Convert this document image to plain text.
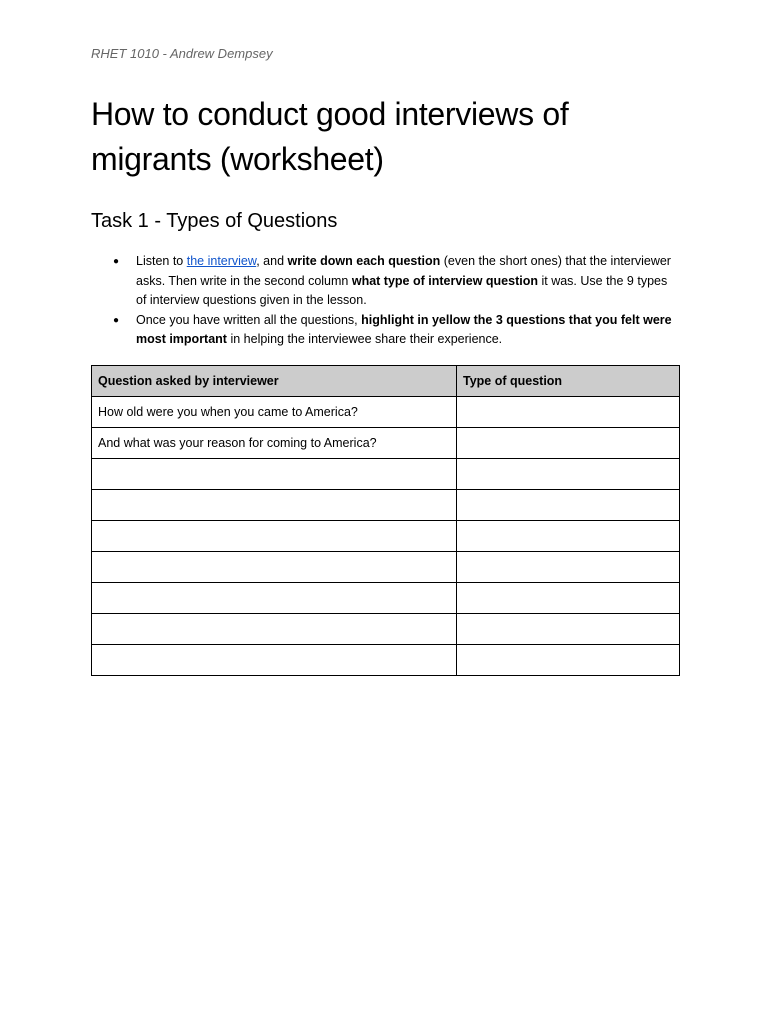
RHET 1010 - Andrew Dempsey
How to conduct good interviews of migrants (worksheet)
Task 1 - Types of Questions
● Listen to the interview, and write down each question (even the short ones) that the interviewer asks. Then write in the second column what type of interview question it was. Use the 9 types of interview questions given in the lesson.
● Once you have written all the questions, highlight in yellow the 3 questions that you felt were most important in helping the interviewee share their experience.
Question asked by interviewer	Type of question
How old were you when you came to America?	
And what was your reason for coming to America?	
